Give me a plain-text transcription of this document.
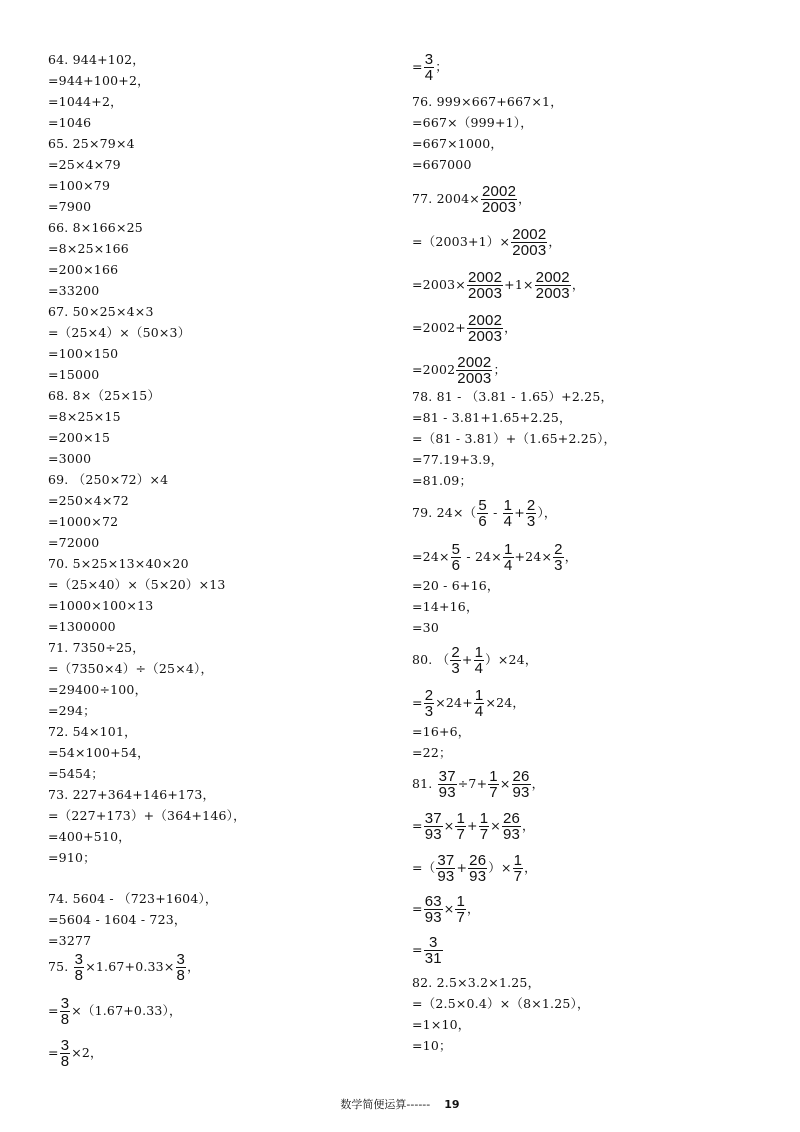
64. 944+102，
=944+100+2，
=1044+2，
=1046
65. 25×79×4
=25×4×79
=100×79
=7900
66. 8×166×25
=8×25×166
=200×166
=33200
67. 50×25×4×3
=（25×4）×（50×3）
=100×150
=15000
68. 8×（25×15）
=8×25×15
=200×15
=3000
69. （250×72）×4
=250×4×72
=1000×72
=72000
70. 5×25×13×40×20
=（25×40）×（5×20）×13
=1000×100×13
=1300000
71. 7350÷25，
=（7350×4）÷（25×4），
=29400÷100，
=294；
72. 54×101，
=54×100+54，
=5454；
73. 227+364+146+173，
=（227+173）+（364+146），
=400+510，
=910；
74. 5604 - （723+1604），
=5604 - 1604 - 723，
=3277
75. $\frac{3}{8} \times 1.67+0.33\times \frac{3}{8}$ ，
= $\frac{3}{8} \times(1.67+0.33)$，
= $\frac{3}{8} \times 2$，
= $\frac{3}{4}$ ；
76. 999×667+667×1，
=667×（999+1），
=667×1000，
=667000
77. $2004\times \frac{2002}{2003}$ ，
$=(2003+1)\times \frac{2002}{2003}$ ，
$=2003\times \frac{2002}{2003} +1\times \frac{2002}{2003}$ ，
$=2002+ \frac{2002}{2003}$ ，
$=2002 \frac{2002}{2003}$ ；
78. 81 - （3.81 - 1.65）+2.25，
=81 - 3.81+1.65+2.25，
=（81 - 3.81）+（1.65+2.25），
=77.19+3.9，
=81.09；
79. $24\times( \frac{5}{6} - \frac{1}{4} + \frac{2}{3}$ ），
$=24\times \frac{5}{6} - 24\times \frac{1}{4} +24\times \frac{2}{3}$ ，
=20 - 6+16，
=14+16，
=30
80. （ $\frac{2}{3} + \frac{1}{4} )\times 24$，
= $\frac{2}{3} \times 24+ \frac{1}{4} \times 24$，
=16+6，
=22；
81. $\frac{37}{93} \div 7+ \frac{1}{7} \times \frac{26}{93}$ ，
= $\frac{37}{93} \times \frac{1}{7} + \frac{1}{7} \times \frac{26}{93}$ ，
=（ $\frac{37}{93} + \frac{26}{93}$ ）× $\frac{1}{7}$ ，
= $\frac{63}{93} \times \frac{1}{7}$ ，
= $\frac{3}{31}$
82. 2.5×3.2×1.25，
=（2.5×0.4）×（8×1.25），
=1×10，
=10；
数学简便运算------ 19
